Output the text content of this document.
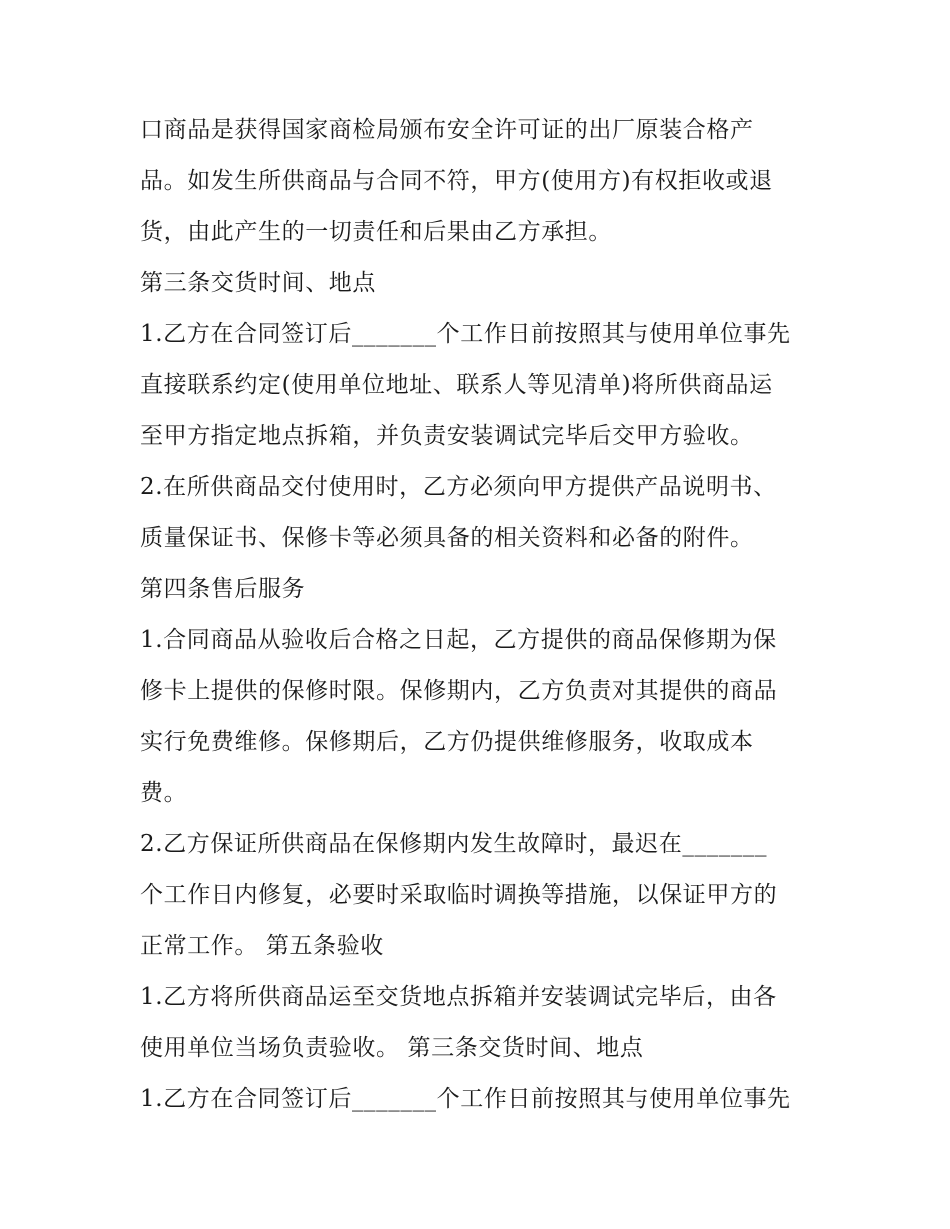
口商品是获得国家商检局颁布安全许可证的出厂原装合格产
品。如发生所供商品与合同不符，甲方(使用方)有权拒收或退
货，由此产生的一切责任和后果由乙方承担。
第三条交货时间、地点
1.乙方在合同签订后_______个工作日前按照其与使用单位事先
直接联系约定(使用单位地址、联系人等见清单)将所供商品运
至甲方指定地点拆箱，并负责安装调试完毕后交甲方验收。
2.在所供商品交付使用时，乙方必须向甲方提供产品说明书、
质量保证书、保修卡等必须具备的相关资料和必备的附件。
第四条售后服务
1.合同商品从验收后合格之日起，乙方提供的商品保修期为保
修卡上提供的保修时限。保修期内，乙方负责对其提供的商品
实行免费维修。保修期后，乙方仍提供维修服务，收取成本
费。
2.乙方保证所供商品在保修期内发生故障时，最迟在_______
个工作日内修复，必要时采取临时调换等措施，以保证甲方的
正常工作。 第五条验收
1.乙方将所供商品运至交货地点拆箱并安装调试完毕后，由各
使用单位当场负责验收。 第三条交货时间、地点
1.乙方在合同签订后_______个工作日前按照其与使用单位事先
